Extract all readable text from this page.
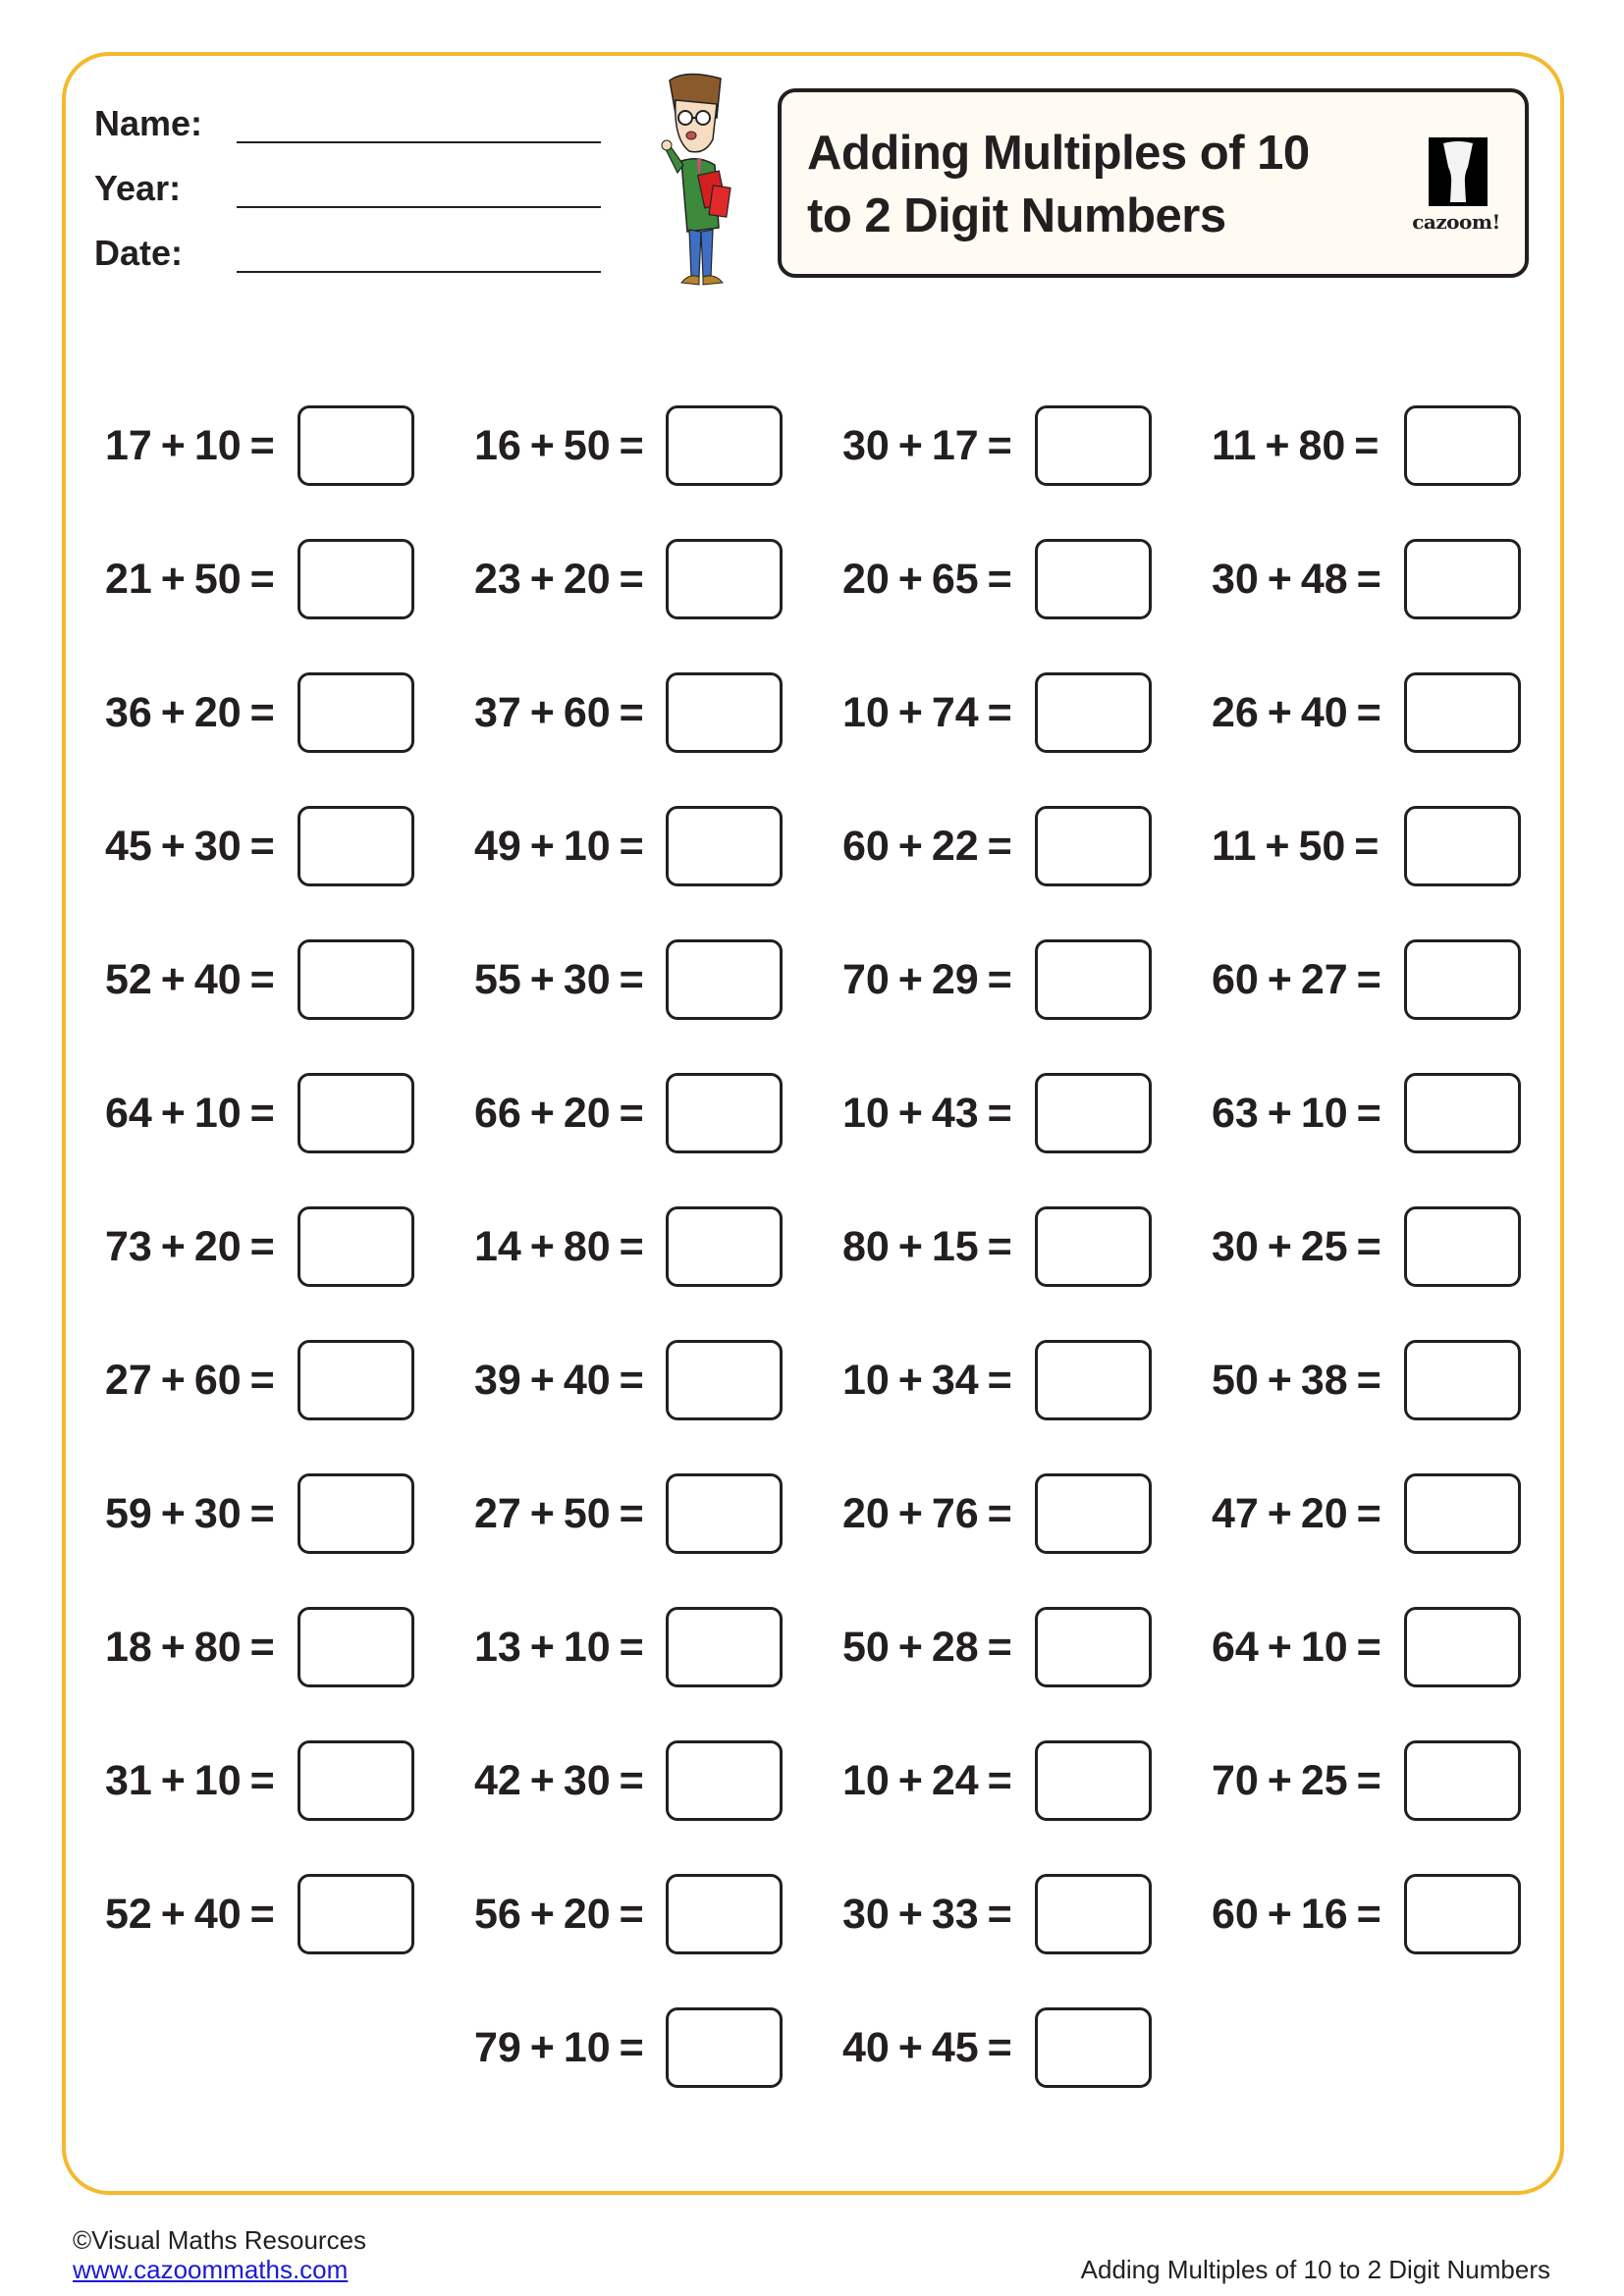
Name:
Year:
Date:
Adding Multiples of 10
to 2 Digit Numbers	cazoom!
17 + 10 =	16 + 50 =	30 + 17 =	11 + 80 =
21 + 50 =	23 + 20 =	20 + 65 =	30 + 48 =
36 + 20 =	37 + 60 =	10 + 74 =	26 + 40 =
45 + 30 =	49 + 10 =	60 + 22 =	11 + 50 =
52 + 40 =	55 + 30 =	70 + 29 =	60 + 27 =
64 + 10 =	66 + 20 =	10 + 43 =	63 + 10 =
73 + 20 =	14 + 80 =	80 + 15 =	30 + 25 =
27 + 60 =	39 + 40 =	10 + 34 =	50 + 38 =
59 + 30 =	27 + 50 =	20 + 76 =	47 + 20 =
18 + 80 =	13 + 10 =	50 + 28 =	64 + 10 =
31 + 10 =	42 + 30 =	10 + 24 =	70 + 25 =
52 + 40 =	56 + 20 =	30 + 33 =	60 + 16 =
79 + 10 =	40 + 45 =
©Visual Maths Resources
www.cazoommaths.com	Adding Multiples of 10 to 2 Digit Numbers
